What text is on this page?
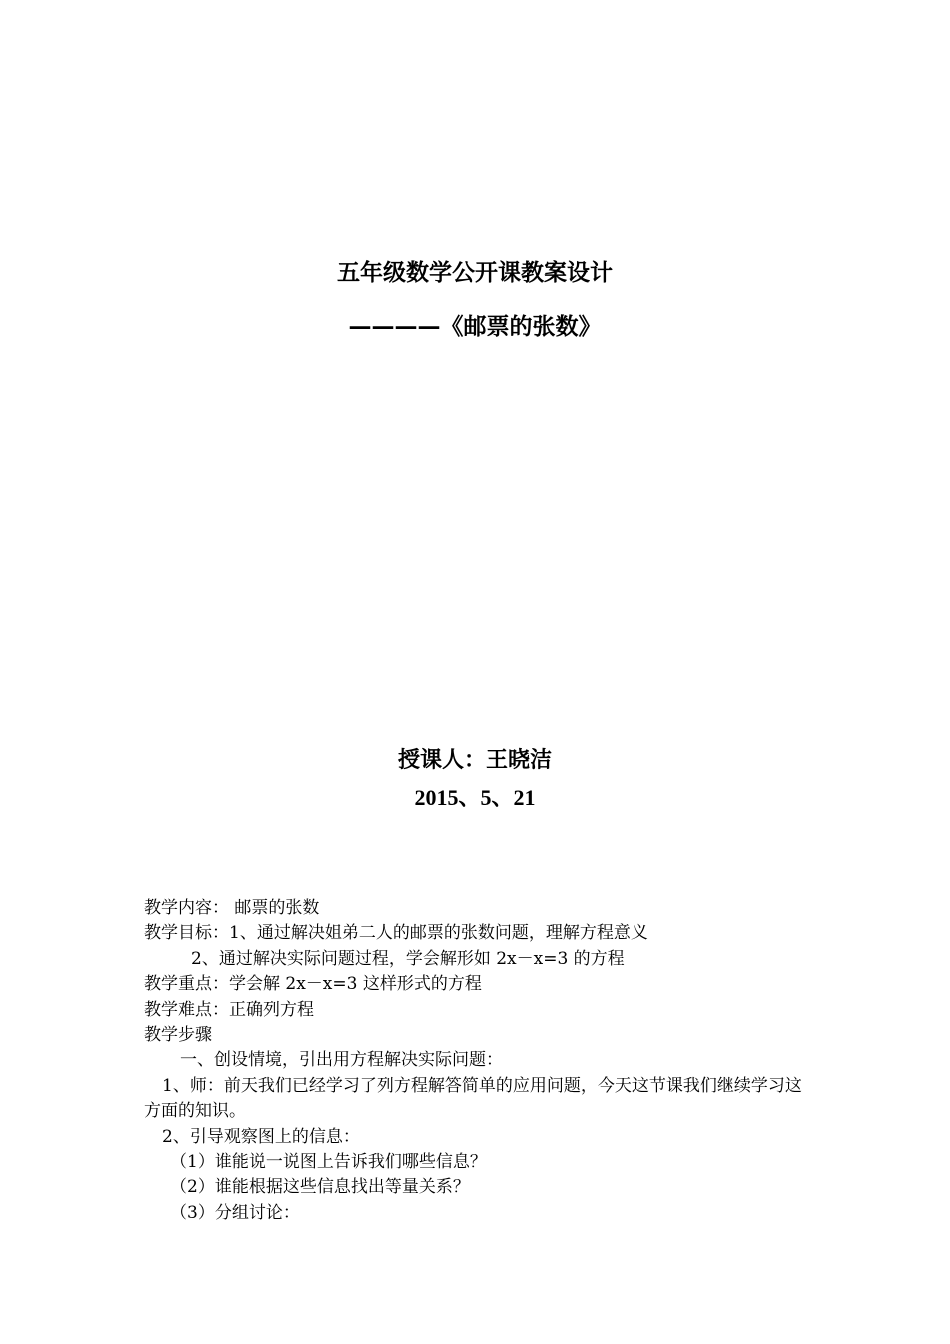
五年级数学公开课教案设计
————《邮票的张数》
授课人：王晓洁
2015、5、21
教学内容： 邮票的张数
教学目标：1、通过解决姐弟二人的邮票的张数问题，理解方程意义
2、通过解决实际问题过程，学会解形如 2x－x=3 的方程
教学重点：学会解 2x－x=3 这样形式的方程
教学难点：正确列方程
教学步骤
一、创设情境，引出用方程解决实际问题：
1、师：前天我们已经学习了列方程解答简单的应用问题，今天这节课我们继续学习这方面的知识。
2、引导观察图上的信息：
（1）谁能说一说图上告诉我们哪些信息？
（2）谁能根据这些信息找出等量关系？
（3）分组讨论：
